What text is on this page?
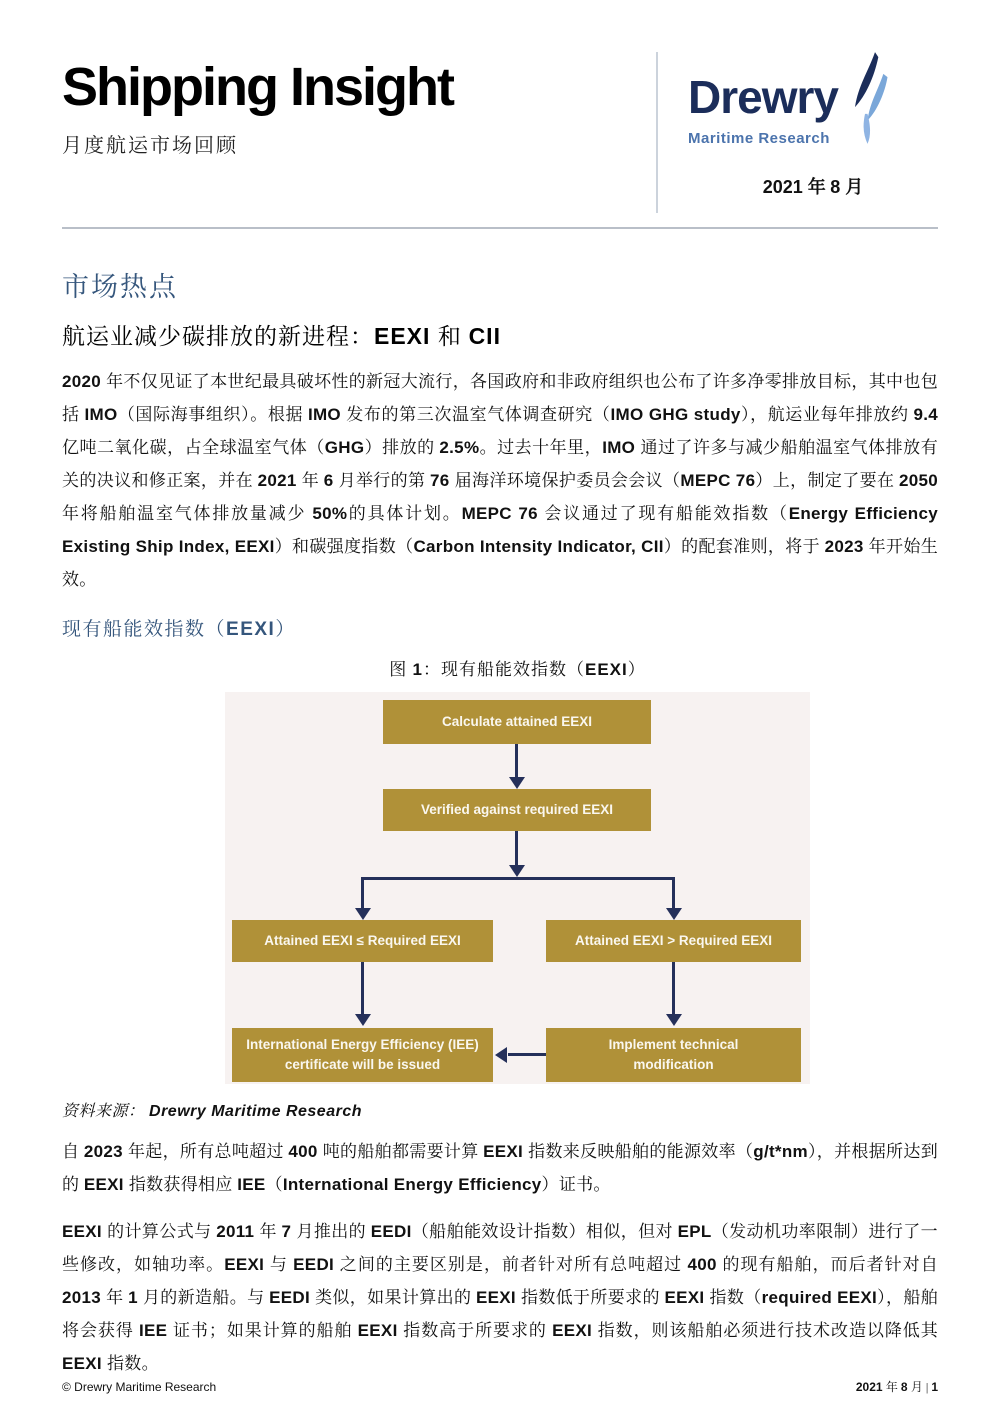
Shipping Insight
月度航运市场回顾
Drewry
Maritime Research
2021 年 8 月
市场热点
航运业减少碳排放的新进程：EEXI 和 CII

2020 年不仅见证了本世纪最具破坏性的新冠大流行，各国政府和非政府组织也公布了许多净零排放目标，其中也包括 IMO（国际海事组织）。根据 IMO 发布的第三次温室气体调查研究（IMO GHG study），航运业每年排放约 9.4 亿吨二氧化碳，占全球温室气体（GHG）排放的 2.5%。过去十年里，IMO 通过了许多与减少船舶温室气体排放有关的决议和修正案，并在 2021 年 6 月举行的第 76 届海洋环境保护委员会会议（MEPC 76）上，制定了要在 2050 年将船舶温室气体排放量减少 50%的具体计划。MEPC 76 会议通过了现有船能效指数（Energy Efficiency Existing Ship Index, EEXI）和碳强度指数（Carbon Intensity Indicator, CII）的配套准则，将于 2023 年开始生效。

现有船能效指数（EEXI）
图 1：现有船能效指数（EEXI）
Calculate attained EEXI
Verified against required EEXI
Attained EEXI ≤ Required EEXI	Attained EEXI > Required EEXI
International Energy Efficiency (IEE) certificate will be issued
Implement technical modification

资料来源： Drewry Maritime Research

自 2023 年起，所有总吨超过 400 吨的船舶都需要计算 EEXI 指数来反映船舶的能源效率（g/t*nm），并根据所达到的 EEXI 指数获得相应 IEE（International Energy Efficiency）证书。

EEXI 的计算公式与 2011 年 7 月推出的 EEDI（船舶能效设计指数）相似，但对 EPL（发动机功率限制）进行了一些修改，如轴功率。EEXI 与 EEDI 之间的主要区别是，前者针对所有总吨超过 400 的现有船舶，而后者针对自 2013 年 1 月的新造船。与 EEDI 类似，如果计算出的 EEXI 指数低于所要求的 EEXI 指数（required EEXI），船舶将会获得 IEE 证书；如果计算的船舶 EEXI 指数高于所要求的 EEXI 指数，则该船舶必须进行技术改造以降低其 EEXI 指数。

© Drewry Maritime Research	2021 年 8 月 | 1
